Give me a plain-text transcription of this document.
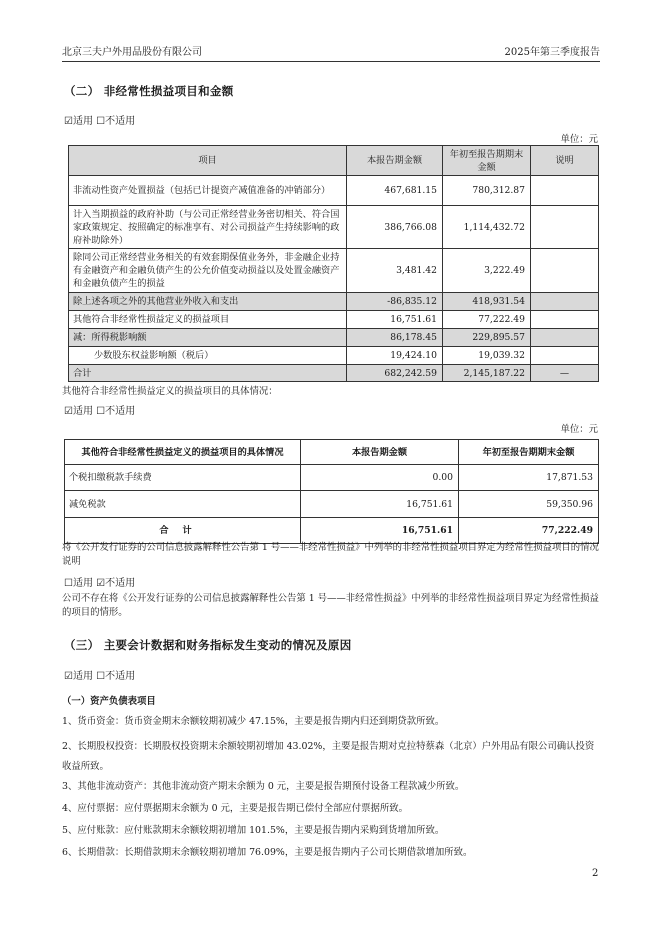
北京三夫户外用品股份有限公司	2025年第三季度报告
（二） 非经常性损益项目和金额
☑适用 ☐不适用
单位：元
项目	本报告期金额	年初至报告期期末金额	说明
非流动性资产处置损益（包括已计提资产减值准备的冲销部分）	467,681.15	780,312.87	
计入当期损益的政府补助（与公司正常经营业务密切相关、符合国家政策规定、按照确定的标准享有、对公司损益产生持续影响的政府补助除外）	386,766.08	1,114,432.72	
除同公司正常经营业务相关的有效套期保值业务外，非金融企业持有金融资产和金融负债产生的公允价值变动损益以及处置金融资产和金融负债产生的损益	3,481.42	3,222.49	
除上述各项之外的其他营业外收入和支出	-86,835.12	418,931.54	
其他符合非经常性损益定义的损益项目	16,751.61	77,222.49	
减：所得税影响额	86,178.45	229,895.57	
少数股东权益影响额（税后）	19,424.10	19,039.32	
合计	682,242.59	2,145,187.22	—
其他符合非经常性损益定义的损益项目的具体情况：
☑适用 ☐不适用
单位：元
其他符合非经常性损益定义的损益项目的具体情况	本报告期金额	年初至报告期期末金额
个税扣缴税款手续费	0.00	17,871.53
减免税款	16,751.61	59,350.96
合计	16,751.61	77,222.49
将《公开发行证券的公司信息披露解释性公告第 1 号——非经常性损益》中列举的非经常性损益项目界定为经常性损益项目的情况说明
☐适用 ☑不适用
公司不存在将《公开发行证券的公司信息披露解释性公告第 1 号——非经常性损益》中列举的非经常性损益项目界定为经常性损益的项目的情形。
（三） 主要会计数据和财务指标发生变动的情况及原因
☑适用 ☐不适用
（一）资产负债表项目
1、货币资金：货币资金期末余额较期初减少 47.15%，主要是报告期内归还到期贷款所致。
2、长期股权投资：长期股权投资期末余额较期初增加 43.02%，主要是报告期对克拉特蔡森（北京）户外用品有限公司确认投资收益所致。
3、其他非流动资产：其他非流动资产期末余额为 0 元，主要是报告期预付设备工程款减少所致。
4、应付票据：应付票据期末余额为 0 元，主要是报告期已偿付全部应付票据所致。
5、应付账款：应付账款期末余额较期初增加 101.5%，主要是报告期内采购到货增加所致。
6、长期借款：长期借款期末余额较期初增加 76.09%，主要是报告期内子公司长期借款增加所致。
2
